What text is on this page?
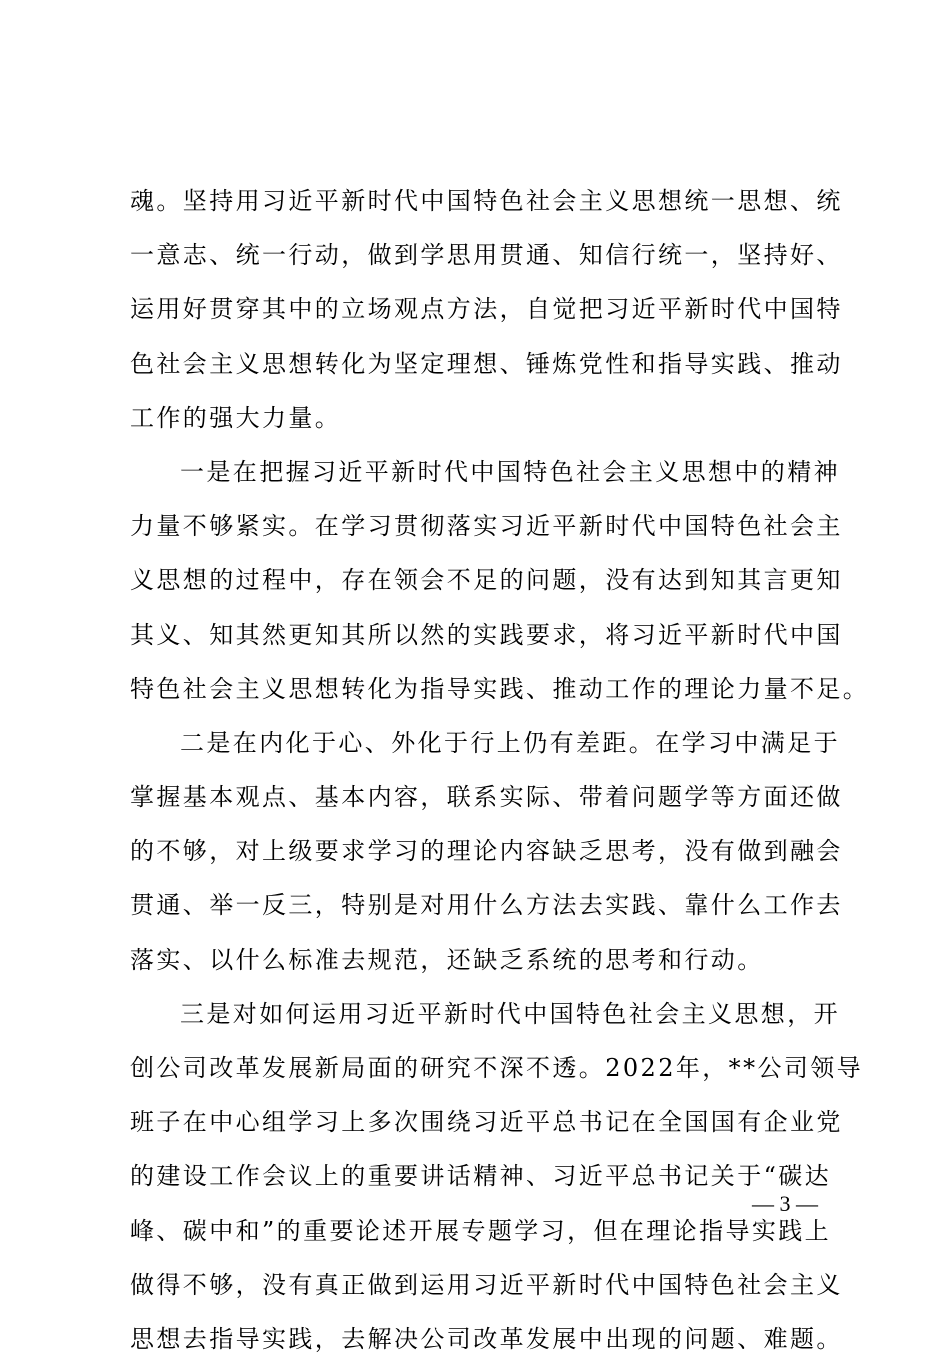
魂。坚持用习近平新时代中国特色社会主义思想统一思想、统
一意志、统一行动，做到学思用贯通、知信行统一，坚持好、
运用好贯穿其中的立场观点方法，自觉把习近平新时代中国特
色社会主义思想转化为坚定理想、锤炼党性和指导实践、推动
工作的强大力量。
一是在把握习近平新时代中国特色社会主义思想中的精神
力量不够紧实。在学习贯彻落实习近平新时代中国特色社会主
义思想的过程中，存在领会不足的问题，没有达到知其言更知
其义、知其然更知其所以然的实践要求，将习近平新时代中国
特色社会主义思想转化为指导实践、推动工作的理论力量不足。
二是在内化于心、外化于行上仍有差距。在学习中满足于
掌握基本观点、基本内容，联系实际、带着问题学等方面还做
的不够，对上级要求学习的理论内容缺乏思考，没有做到融会
贯通、举一反三，特别是对用什么方法去实践、靠什么工作去
落实、以什么标准去规范，还缺乏系统的思考和行动。
三是对如何运用习近平新时代中国特色社会主义思想，开
创公司改革发展新局面的研究不深不透。2022年，**公司领导
班子在中心组学习上多次围绕习近平总书记在全国国有企业党
的建设工作会议上的重要讲话精神、习近平总书记关于“碳达
峰、碳中和”的重要论述开展专题学习，但在理论指导实践上
做得不够，没有真正做到运用习近平新时代中国特色社会主义
思想去指导实践，去解决公司改革发展中出现的问题、难题。
— 3 —
